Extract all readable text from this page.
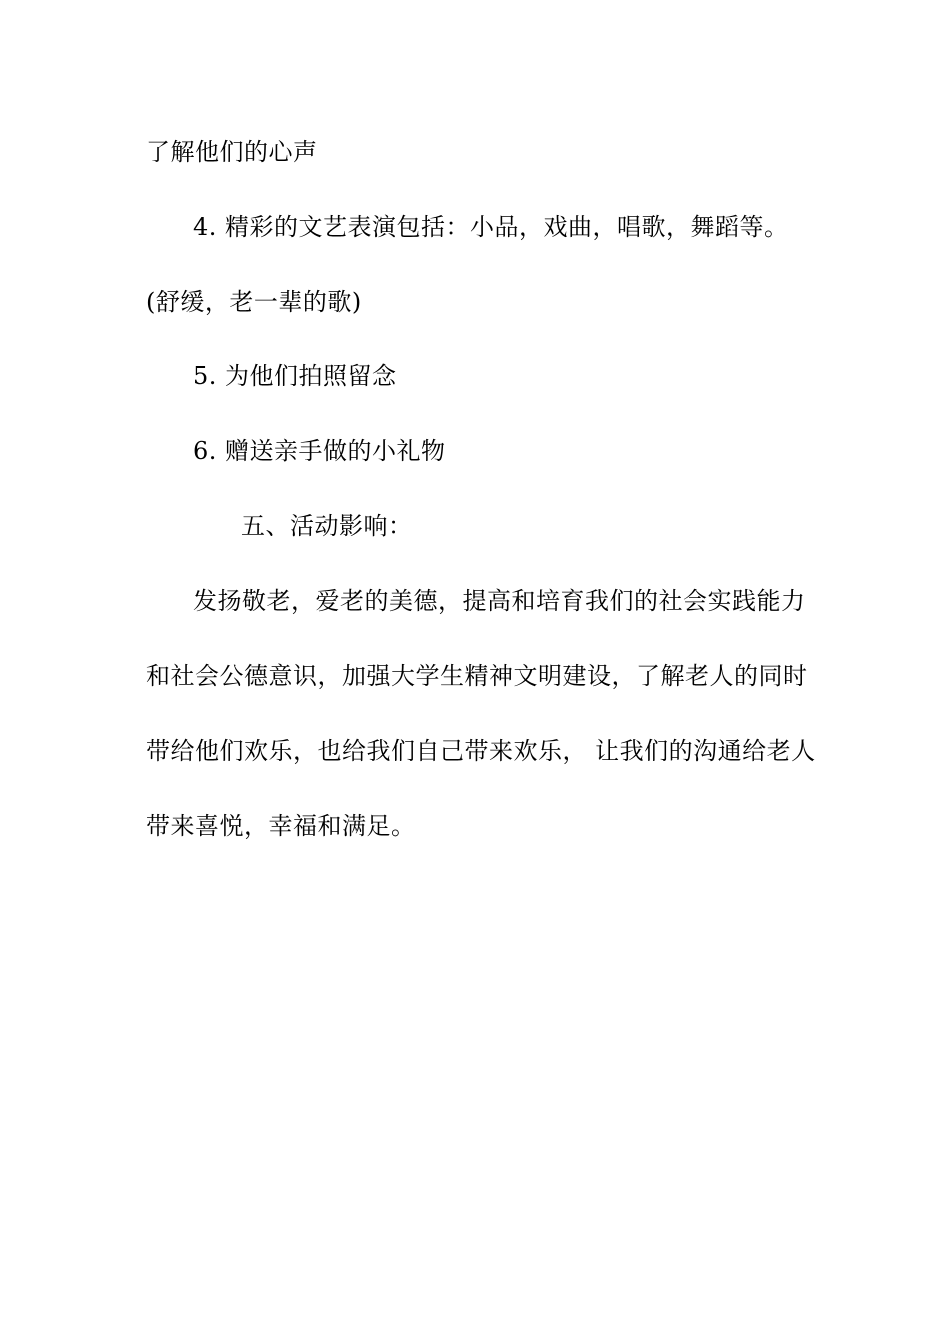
了解他们的心声
4. 精彩的文艺表演包括：小品，戏曲，唱歌，舞蹈等。
(舒缓，老一辈的歌)
5. 为他们拍照留念
6. 赠送亲手做的小礼物
五、活动影响：
发扬敬老，爱老的美德，提高和培育我们的社会实践能力
和社会公德意识，加强大学生精神文明建设，了解老人的同时
带给他们欢乐，也给我们自己带来欢乐， 让我们的沟通给老人
带来喜悦，幸福和满足。
